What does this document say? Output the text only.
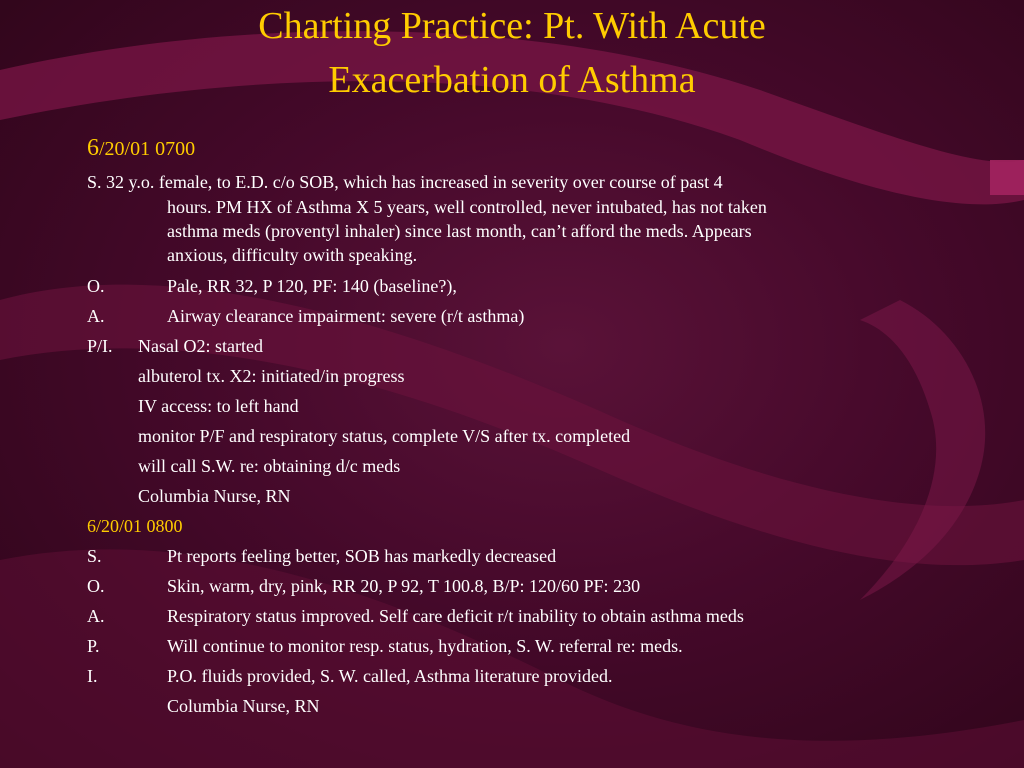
Charting Practice: Pt. With Acute
Exacerbation of Asthma
6/20/01 0700
S. 32 y.o. female, to E.D. c/o SOB, which has increased in severity over course of past 4
hours. PM HX of Asthma X 5 years, well controlled, never intubated, has not taken
asthma meds (proventyl inhaler) since last month, can’t afford the meds. Appears
anxious, difficulty owith speaking.
O.	Pale, RR 32, P 120, PF: 140 (baseline?),
A.	Airway clearance impairment: severe (r/t asthma)
P/I. Nasal O2: started
albuterol tx. X2: initiated/in progress
IV access: to left hand
monitor P/F and respiratory status, complete V/S after tx. completed
will call S.W. re: obtaining d/c meds
Columbia Nurse, RN
6/20/01 0800
S.	Pt reports feeling better, SOB has markedly decreased
O.	Skin, warm, dry, pink, RR 20, P 92, T 100.8, B/P: 120/60 PF: 230
A.	Respiratory status improved. Self care deficit r/t inability to obtain asthma meds
P.	Will continue to monitor resp. status, hydration, S. W. referral re: meds.
I.	P.O. fluids provided, S. W. called, Asthma literature provided.
Columbia Nurse, RN
